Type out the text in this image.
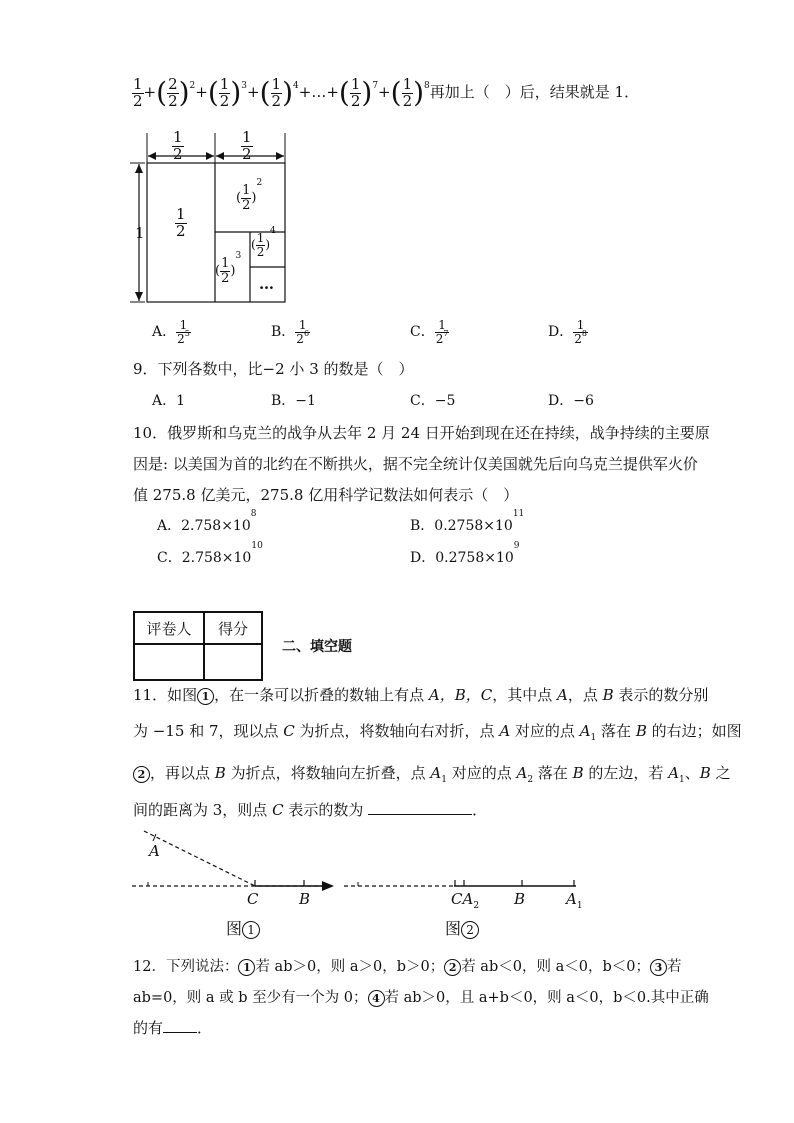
$\frac{1}{2}$ +( $\frac{2}{2} )^2+( \frac{1}{2} )^3+( \frac{1}{2}$ )$^4+\dots+( \frac{1}{2} )^7+( \frac{1}{2} )^8$再加上（　）后，结果就是 1．
$\frac{1}{2}$	$\frac{1}{2}$
$1 \frac{1}{2}$
( $\frac{1}{2} )^2$
( $\frac{1}{2} )^3$
( $\frac{1}{2} )^4$
…
A． $\frac{1}{2^5}$	B． $\frac{1}{2^6}$	C． $\frac{1}{2^7}$	D． $\frac{1}{2^8}$
9．下列各数中，比−2 小 3 的数是（　）
A．1	B．−1	C．−5	D．−6
10．俄罗斯和乌克兰的战争从去年 2 月 24 日开始到现在还在持续，战争持续的主要原
因是: 以美国为首的北约在不断拱火，据不完全统计仅美国就先后向乌克兰提供军火价
值 275.8 亿美元，275.8 亿用科学记数法如何表示（　）
A．$2.758\times 10^8$
B．$0.2758\times 10^{11}$
C．$2.758\times 10^{10}$
D．$0.2758\times 10^9$
评卷人	得分

二、填空题
11．如图 1 ，在一条可以折叠的数轴上有点 A，B，C，其中点 A，点 B 表示的数分别
为 −15 和 7，现以点 C 为折点，将数轴向右对折，点 A 对应的点 $A_1$ 落在 B 的右边；如图
2 ，再以点 B 为折点，将数轴向左折叠，点 $A_1$ 对应的点 $A_2$ 落在 B 的左边，若 $A_1$、B 之
间的距离为 3，则点 C 表示的数为	．
A
C	B
图 1
$CA_2$ B	$A_1$
图 2
12．下列说法： 1 若 ab＞0，则 a＞0，b＞0； 2 若 ab＜0，则 a＜0，b＜0； 3 若
ab=0，则 a 或 b 至少有一个为 0； 4 若 ab＞0，且 a+b＜0，则 a＜0，b＜0.其中正确
的有 ．
